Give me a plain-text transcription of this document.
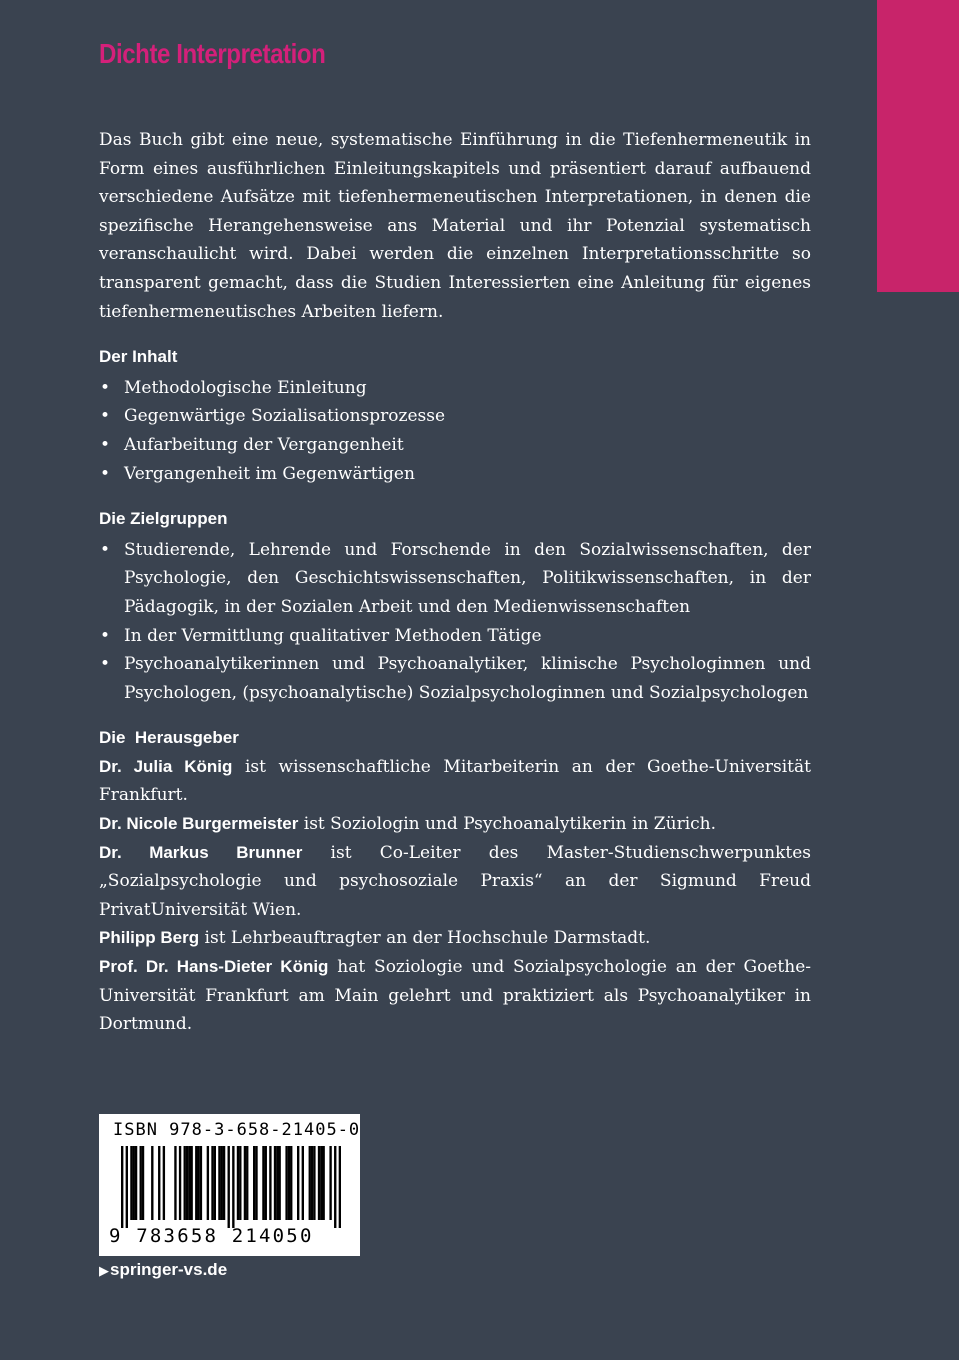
Dichte Interpretation

Das Buch gibt eine neue, systematische Einführung in die Tiefenhermeneutik in Form eines ausführlichen Einleitungskapitels und präsentiert darauf aufbauend verschiedene Aufsätze mit tiefenhermeneutischen Interpretationen, in denen die spezifische Herangehensweise ans Material und ihr Potenzial systematisch veranschaulicht wird. Dabei werden die einzelnen Interpretationsschritte so transparent gemacht, dass die Studien Interessierten eine Anleitung für eigenes tiefenhermeneutisches Arbeiten liefern.

Der Inhalt
• Methodologische Einleitung
• Gegenwärtige Sozialisationsprozesse
• Aufarbeitung der Vergangenheit
• Vergangenheit im Gegenwärtigen
Die Zielgruppen
• Studierende, Lehrende und Forschende in den Sozialwissenschaften, der Psychologie, den Geschichtswissenschaften, Politikwissenschaften, in der Pädagogik, in der Sozialen Arbeit und den Medienwissenschaften
• In der Vermittlung qualitativer Methoden Tätige
• Psychoanalytikerinnen und Psychoanalytiker, klinische Psychologinnen und Psychologen, (psychoanalytische) Sozialpsychologinnen und Sozialpsychologen
Die  Herausgeber

Dr. Julia König ist wissenschaftliche Mitarbeiterin an der Goethe-Universität Frankfurt.

Dr. Nicole Burgermeister ist Soziologin und Psychoanalytikerin in Zürich.

Dr. Markus Brunner ist Co-Leiter des Master-Studienschwerpunktes „Sozialpsychologie und psychosoziale Praxis“ an der Sigmund Freud PrivatUniversität Wien.

Philipp Berg ist Lehrbeauftragter an der Hochschule Darmstadt.

Prof. Dr. Hans-Dieter König hat Soziologie und Sozialpsychologie an der Goethe-Universität Frankfurt am Main gelehrt und praktiziert als Psychoanalytiker in Dortmund.

ISBN 978-3-658-21405-0
9 783658 214050
▶springer-vs.de
